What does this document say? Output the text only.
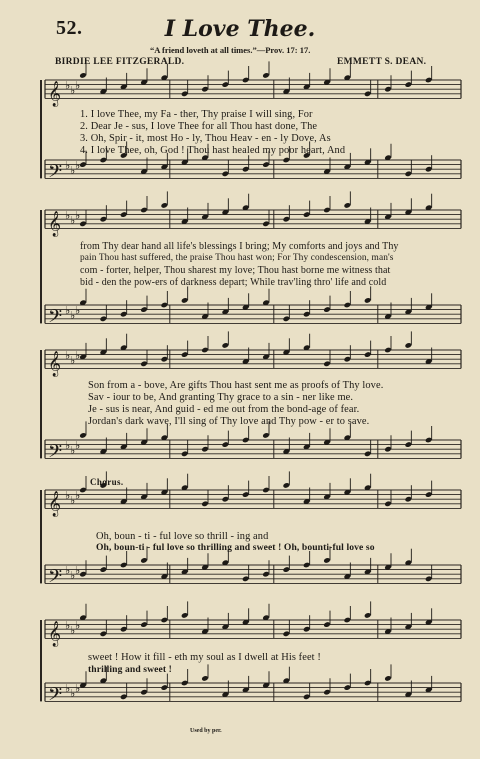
52.	I Love Thee.
“A friend loveth at all times.”—Prov. 17: 17.
BIRDIE LEE FITZGERALD.	EMMETT S. DEAN.
𝄞 ♭ ♭ ♭
𝄢 ♭ ♭ ♭
𝄞 ♭ ♭ ♭
𝄢 ♭ ♭ ♭
𝄞 ♭ ♭ ♭
𝄢 ♭ ♭ ♭
𝄞 ♭ ♭ ♭
𝄢 ♭ ♭ ♭
𝄞 ♭ ♭ ♭
𝄢 ♭ ♭ ♭
1. I love Thee, my Fa - ther, Thy praise I will sing, For
2. Dear Je - sus, I love Thee for all Thou hast done, The
3. Oh, Spir - it, most Ho - ly, Thou Heav - en - ly Dove, As
4. I love Thee, oh, God ! Thou hast healed my poor heart, And
from Thy dear hand all life's blessings I bring; My comforts and joys and Thy
pain Thou hast suffered, the praise Thou hast won; For Thy condescension, man's
com - forter, helper, Thou sharest my love; Thou hast borne me witness that
bid - den the pow-ers of darkness depart; While trav'ling thro' life and cold
Son from a - bove, Are gifts Thou hast sent me as proofs of Thy love.
Sav - iour to be, And granting Thy grace to a sin - ner like me.
Je - sus is near, And guid - ed me out from the bond-age of fear.
Jordan's dark wave, I'll sing of Thy love and Thy pow - er to save.
Chorus.
Oh, boun - ti - ful love so thrill - ing and
Oh, boun-ti - ful love so thrilling and sweet ! Oh, bounti-ful love so
sweet ! How it fill - eth my soul as I dwell at His feet !
thrilling and sweet !
Used by per.
